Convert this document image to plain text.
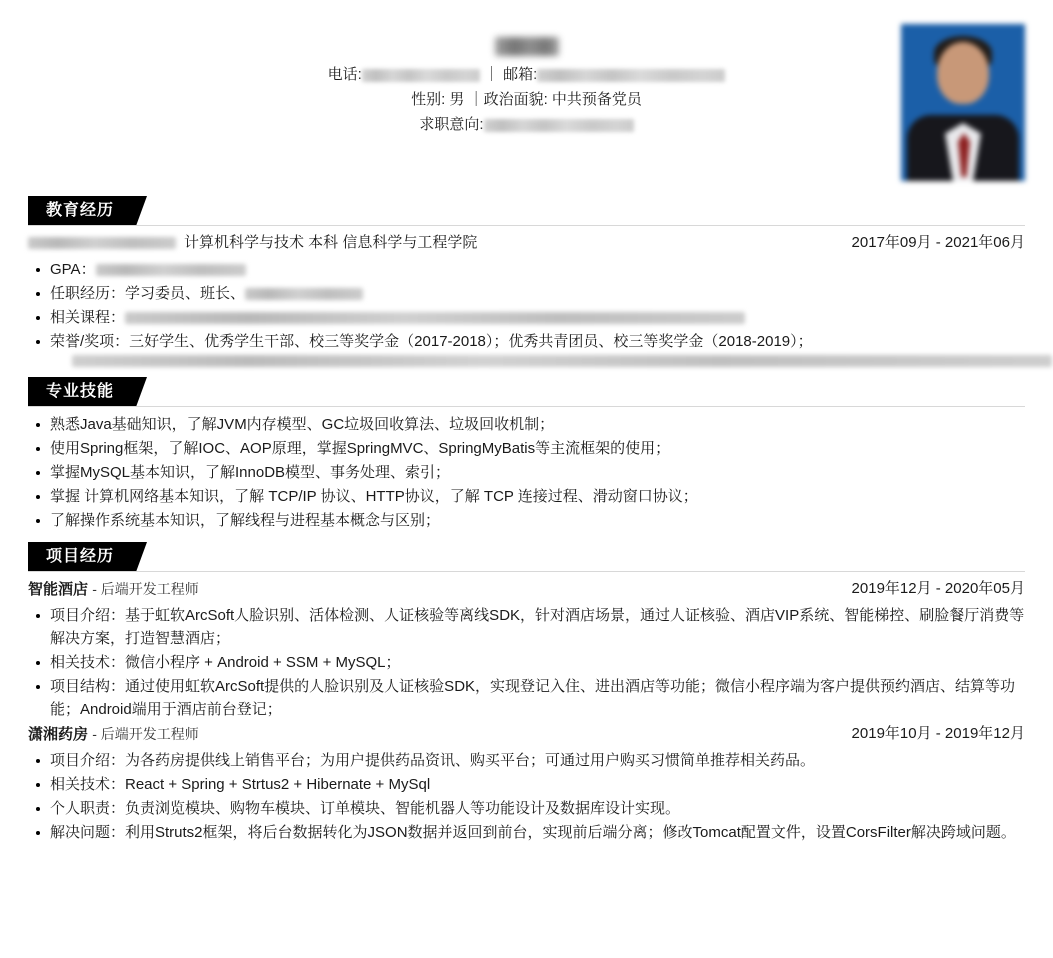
电话:	｜ 邮箱:
性别: 男 ｜政治面貌: 中共预备党员
求职意向:
教育经历
计算机科学与技术 本科 信息科学与工程学院	2017年09月 - 2021年06月
GPA：
任职经历：学习委员、班长、
相关课程：
荣誉/奖项：三好学生、优秀学生干部、校三等奖学金（2017-2018）；优秀共青团员、校三等奖学金（2018-2019）；
专业技能
熟悉Java基础知识，了解JVM内存模型、GC垃圾回收算法、垃圾回收机制；
使用Spring框架，了解IOC、AOP原理，掌握SpringMVC、SpringMyBatis等主流框架的使用；
掌握MySQL基本知识，了解InnoDB模型、事务处理、索引；
掌握 计算机网络基本知识，了解 TCP/IP 协议、HTTP协议，了解 TCP 连接过程、滑动窗口协议；
了解操作系统基本知识，了解线程与进程基本概念与区别；
项目经历
智能酒店 - 后端开发工程师	2019年12月 - 2020年05月
项目介绍：基于虹软ArcSoft人脸识别、活体检测、人证核验等离线SDK，针对酒店场景，通过人证核验、酒店VIP系统、智能梯控、刷脸餐厅消费等解决方案，打造智慧酒店；
相关技术：微信小程序 + Android + SSM + MySQL；
项目结构：通过使用虹软ArcSoft提供的人脸识别及人证核验SDK，实现登记入住、进出酒店等功能；微信小程序端为客户提供预约酒店、结算等功能；Android端用于酒店前台登记；
潇湘药房 - 后端开发工程师	2019年10月 - 2019年12月
项目介绍：为各药房提供线上销售平台；为用户提供药品资讯、购买平台；可通过用户购买习惯简单推荐相关药品。
相关技术：React + Spring + Strtus2 + Hibernate + MySql
个人职责：负责浏览模块、购物车模块、订单模块、智能机器人等功能设计及数据库设计实现。
解决问题：利用Struts2框架，将后台数据转化为JSON数据并返回到前台，实现前后端分离；修改Tomcat配置文件，设置CorsFilter解决跨域问题。
